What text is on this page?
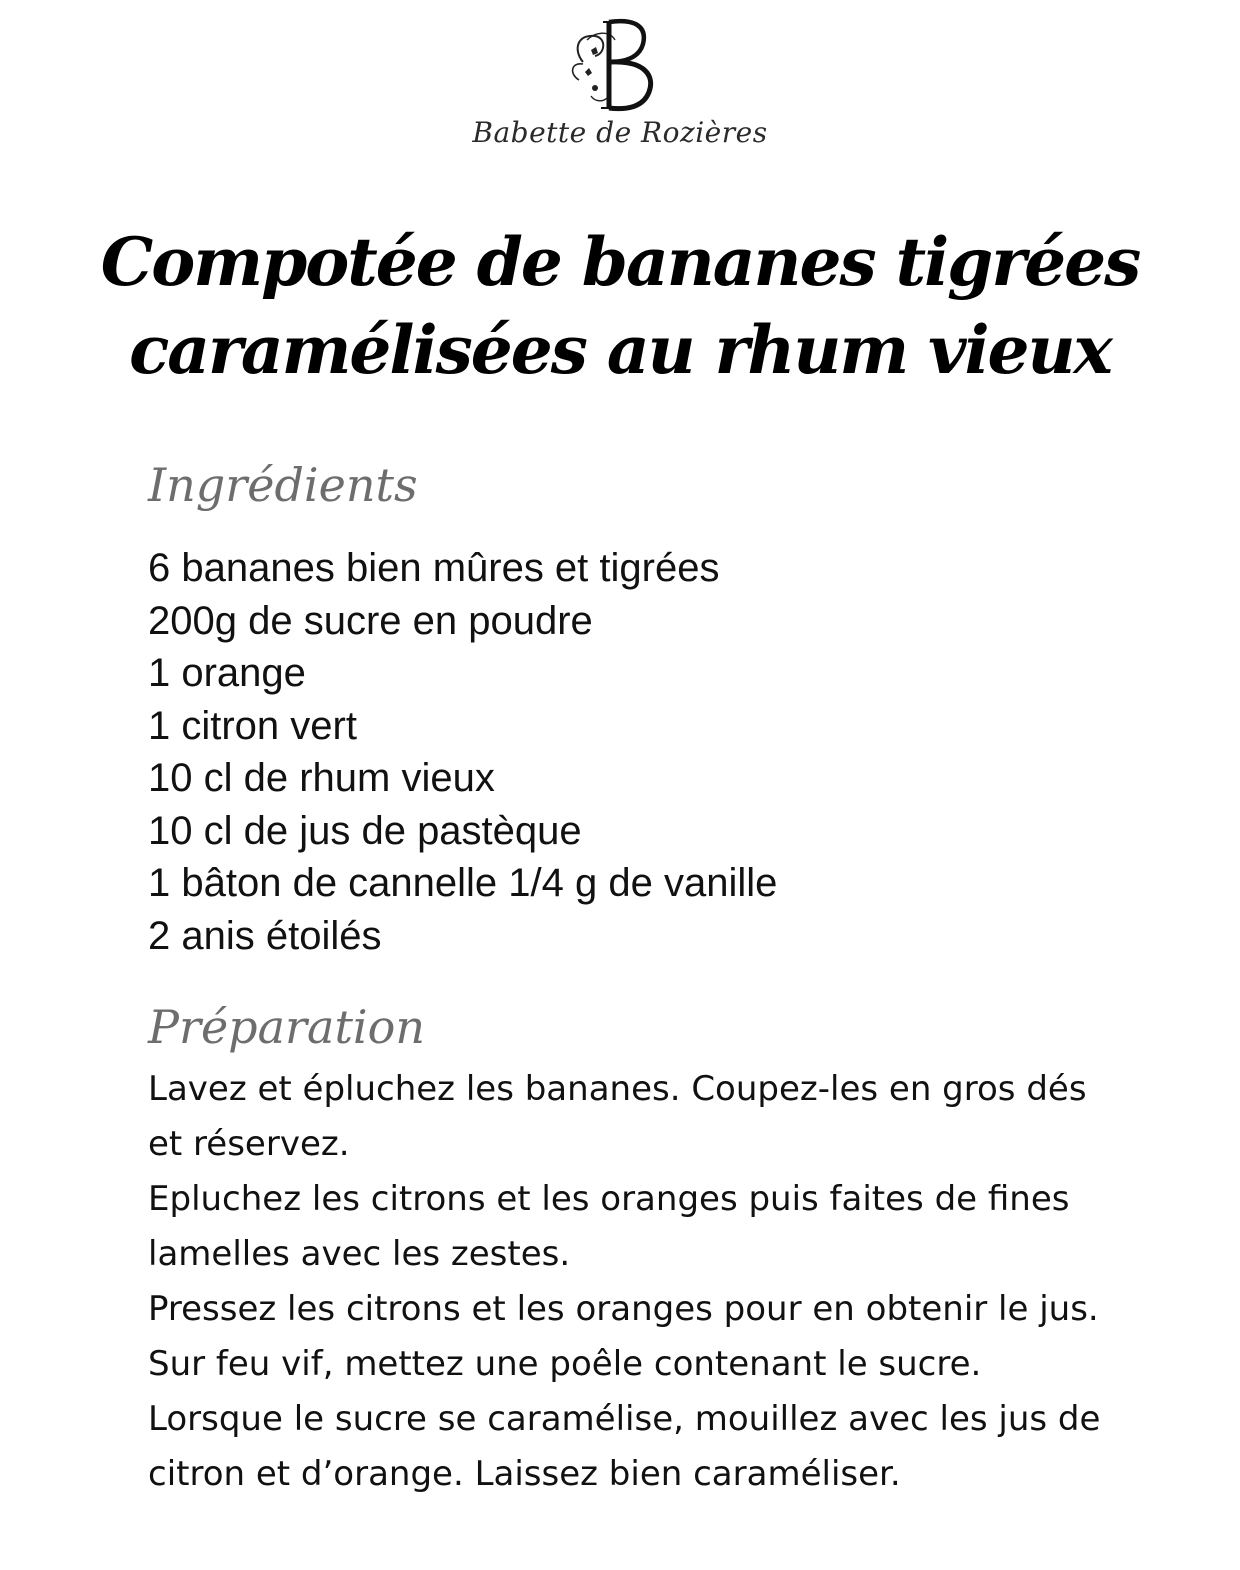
Babette de Rozières
Compotée de bananes tigrées
caramélisées au rhum vieux
Ingrédients
6 bananes bien mûres et tigrées
200g de sucre en poudre
1 orange
1 citron vert
10 cl de rhum vieux
10 cl de jus de pastèque
1 bâton de cannelle 1/4 g de vanille
2 anis étoilés
Préparation

Lavez et épluchez les bananes. Coupez-les en gros dés et réservez.

Epluchez les citrons et les oranges puis faites de fines lamelles avec les zestes.

Pressez les citrons et les oranges pour en obtenir le jus.

Sur feu vif, mettez une poêle contenant le sucre.

Lorsque le sucre se caramélise, mouillez avec les jus de citron et d’orange. Laissez bien caraméliser.
